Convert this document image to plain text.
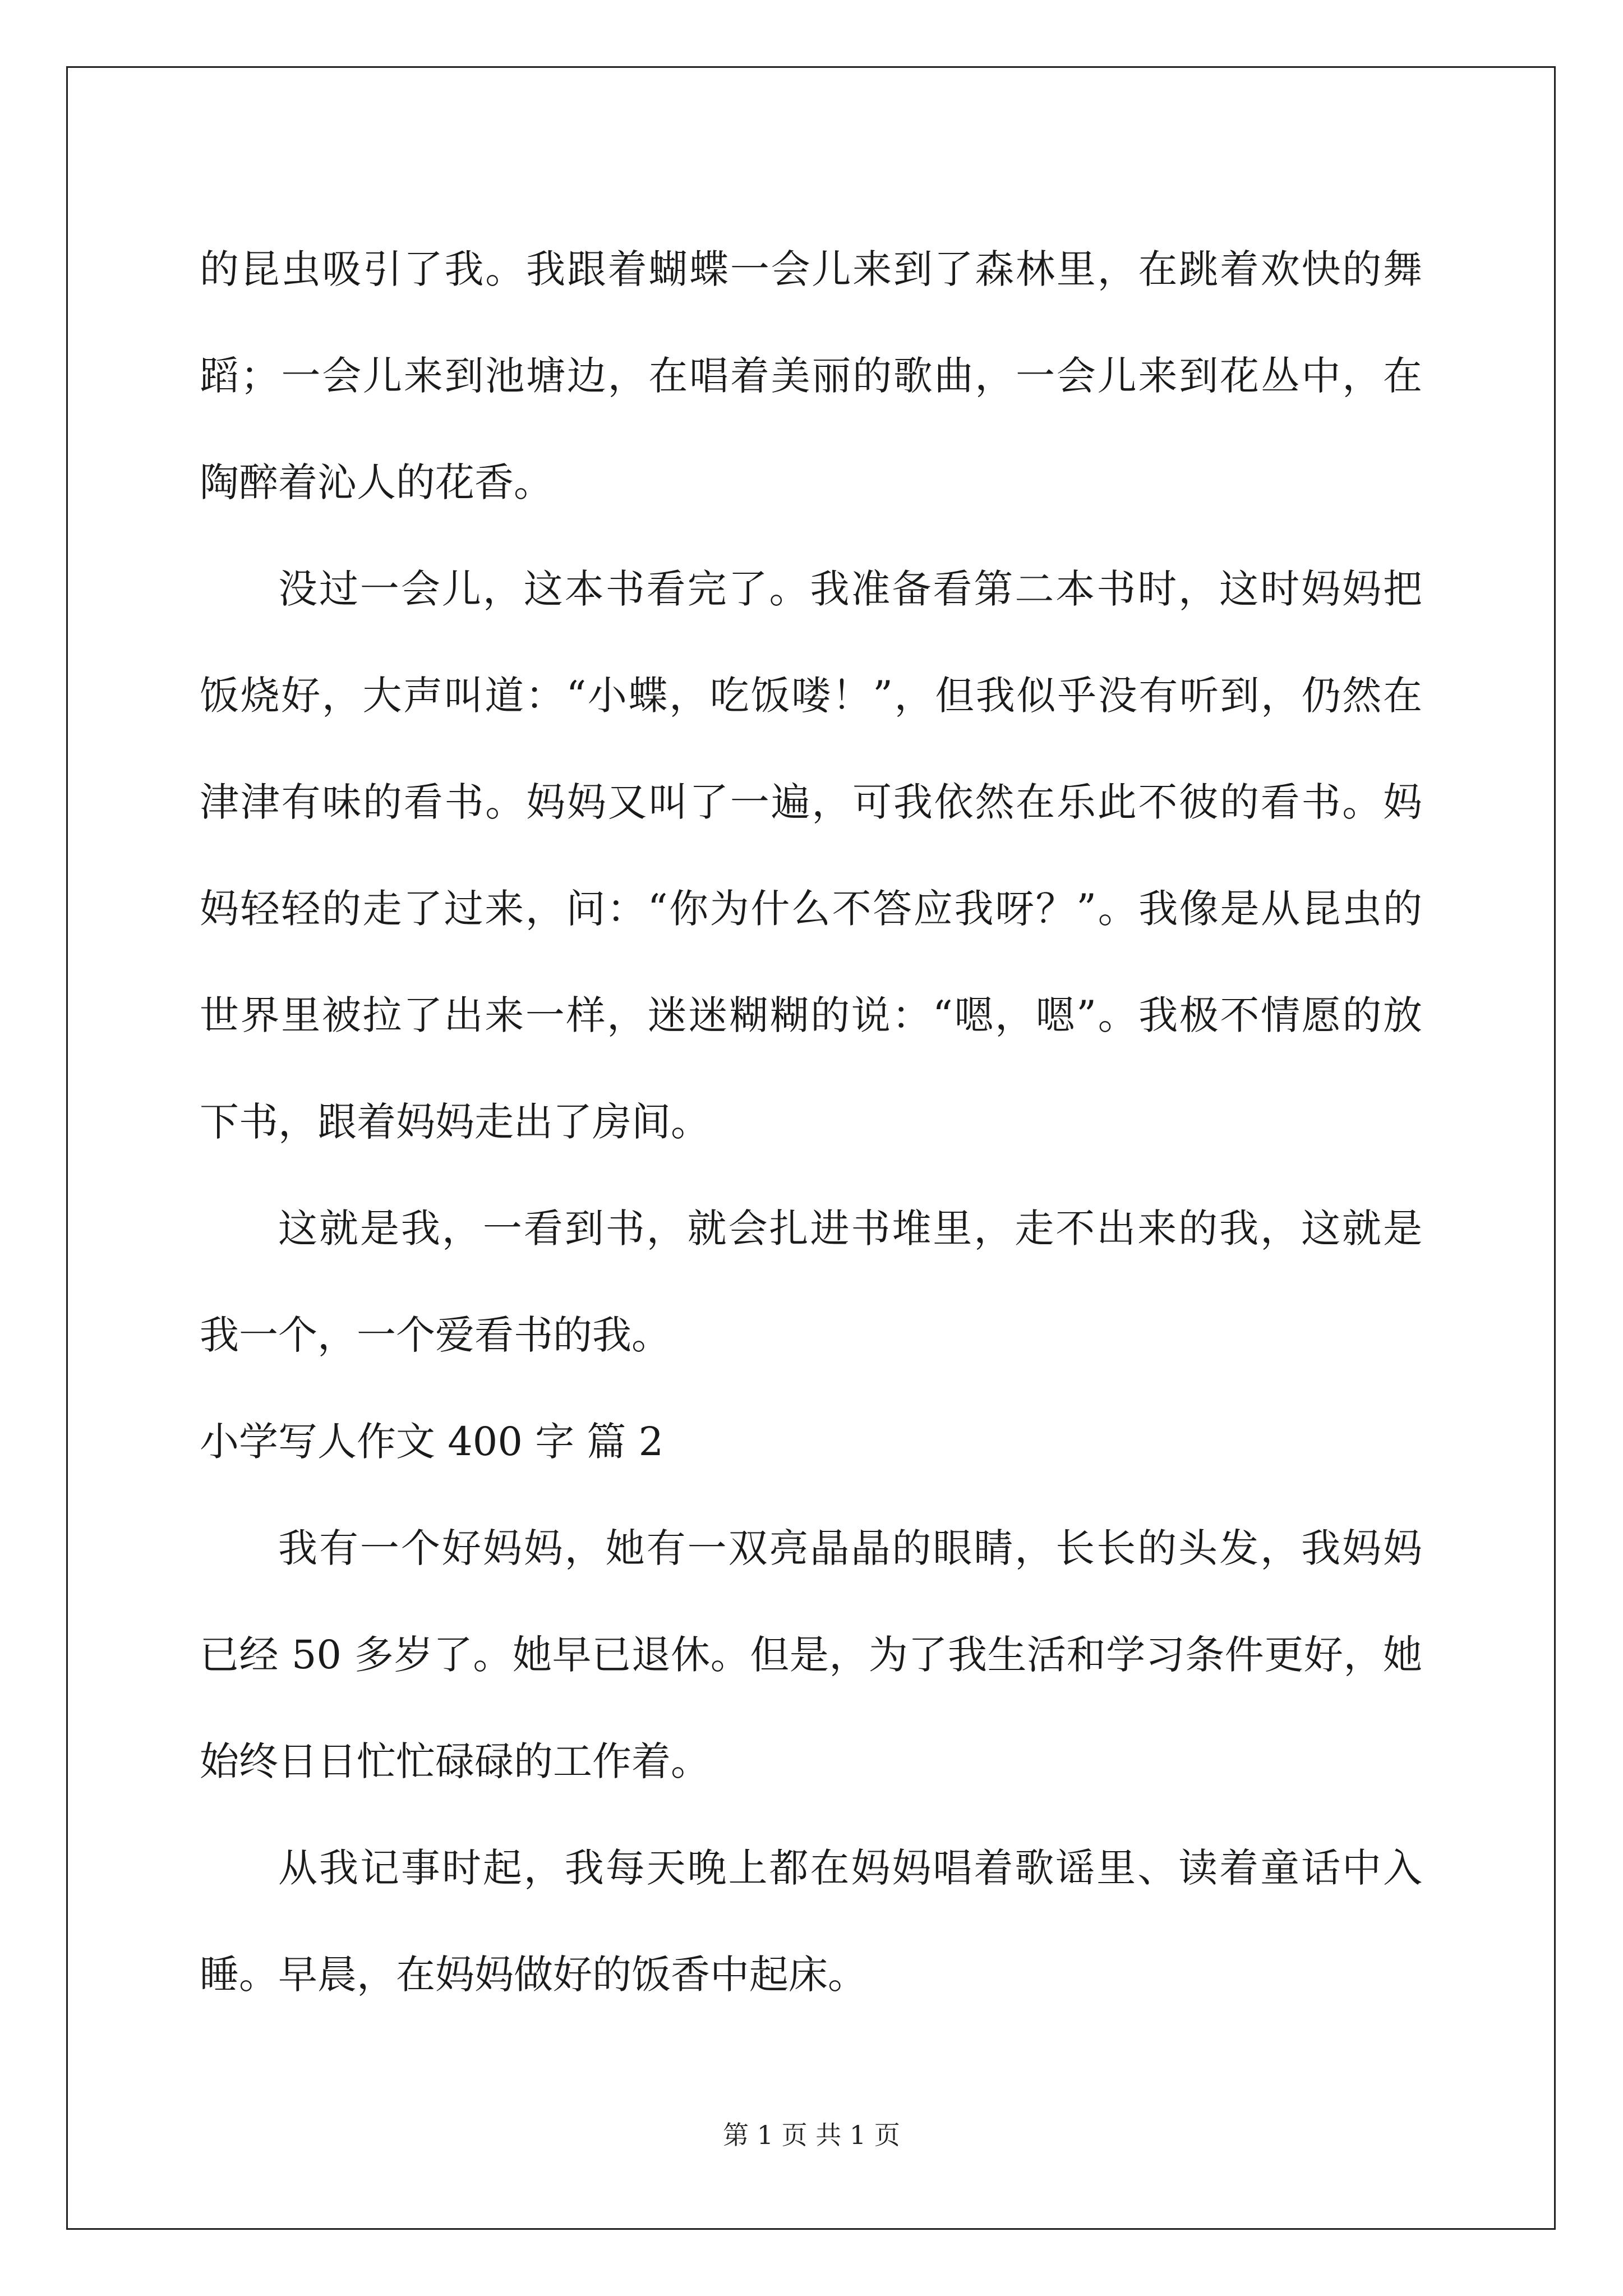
的昆虫吸引了我。我跟着蝴蝶一会儿来到了森林里，在跳着欢快的舞
蹈；一会儿来到池塘边，在唱着美丽的歌曲，一会儿来到花丛中，在
陶醉着沁人的花香。
没过一会儿，这本书看完了。我准备看第二本书时，这时妈妈把
饭烧好，大声叫道：“小蝶，吃饭喽！”，但我似乎没有听到，仍然在
津津有味的看书。妈妈又叫了一遍，可我依然在乐此不彼的看书。妈
妈轻轻的走了过来，问：“你为什么不答应我呀？”。我像是从昆虫的
世界里被拉了出来一样，迷迷糊糊的说：“嗯，嗯”。我极不情愿的放
下书，跟着妈妈走出了房间。
这就是我，一看到书，就会扎进书堆里，走不出来的我，这就是
我一个，一个爱看书的我。
小学写人作文 400 字 篇 2
我有一个好妈妈，她有一双亮晶晶的眼睛，长长的头发，我妈妈
已经 50 多岁了。她早已退休。但是，为了我生活和学习条件更好，她
始终日日忙忙碌碌的工作着。
从我记事时起，我每天晚上都在妈妈唱着歌谣里、读着童话中入
睡。早晨，在妈妈做好的饭香中起床。
第 1 页 共 1 页
